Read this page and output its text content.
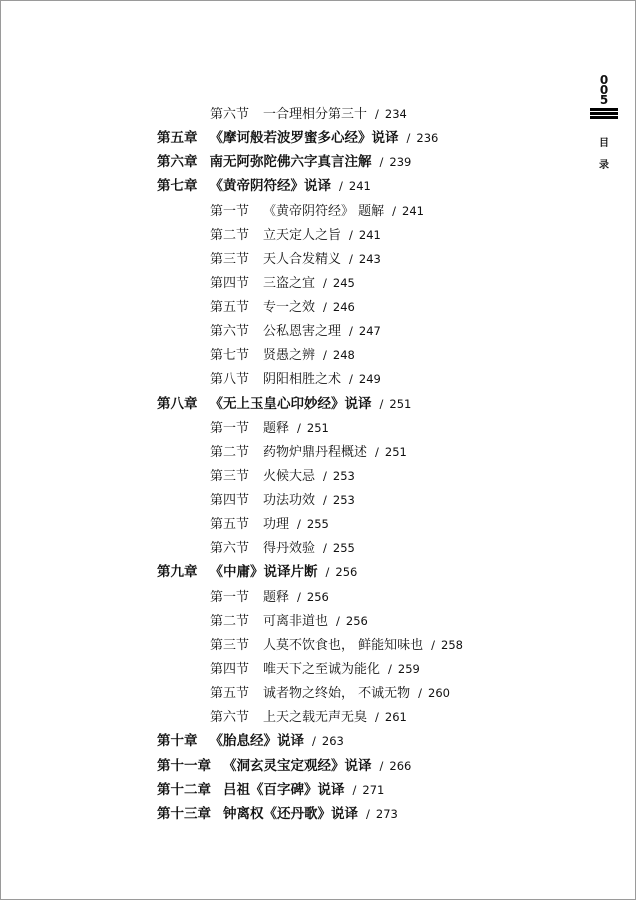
0
0
5
目
录
第六节 一合理相分第三十 / 234
第五章 《摩诃般若波罗蜜多心经》说译 / 236
第六章 南无阿弥陀佛六字真言注解 / 239
第七章 《黄帝阴符经》说译 / 241
第一节 《黄帝阴符经》 题解 / 241
第二节 立天定人之旨 / 241
第三节 天人合发精义 / 243
第四节 三盗之宜 / 245
第五节 专一之效 / 246
第六节 公私恩害之理 / 247
第七节 贤愚之辨 / 248
第八节 阴阳相胜之术 / 249
第八章 《无上玉皇心印妙经》说译 / 251
第一节 题释 / 251
第二节 药物炉鼎丹程概述 / 251
第三节 火候大忌 / 253
第四节 功法功效 / 253
第五节 功理 / 255
第六节 得丹效验 / 255
第九章 《中庸》说译片断 / 256
第一节 题释 / 256
第二节 可离非道也 / 256
第三节 人莫不饮食也， 鲜能知味也 / 258
第四节 唯天下之至诚为能化 / 259
第五节 诚者物之终始， 不诚无物 / 260
第六节 上天之载无声无臭 / 261
第十章 《胎息经》说译 / 263
第十一章 《洞玄灵宝定观经》说译 / 266
第十二章 吕祖《百字碑》说译 / 271
第十三章 钟离权《还丹歌》说译 / 273
